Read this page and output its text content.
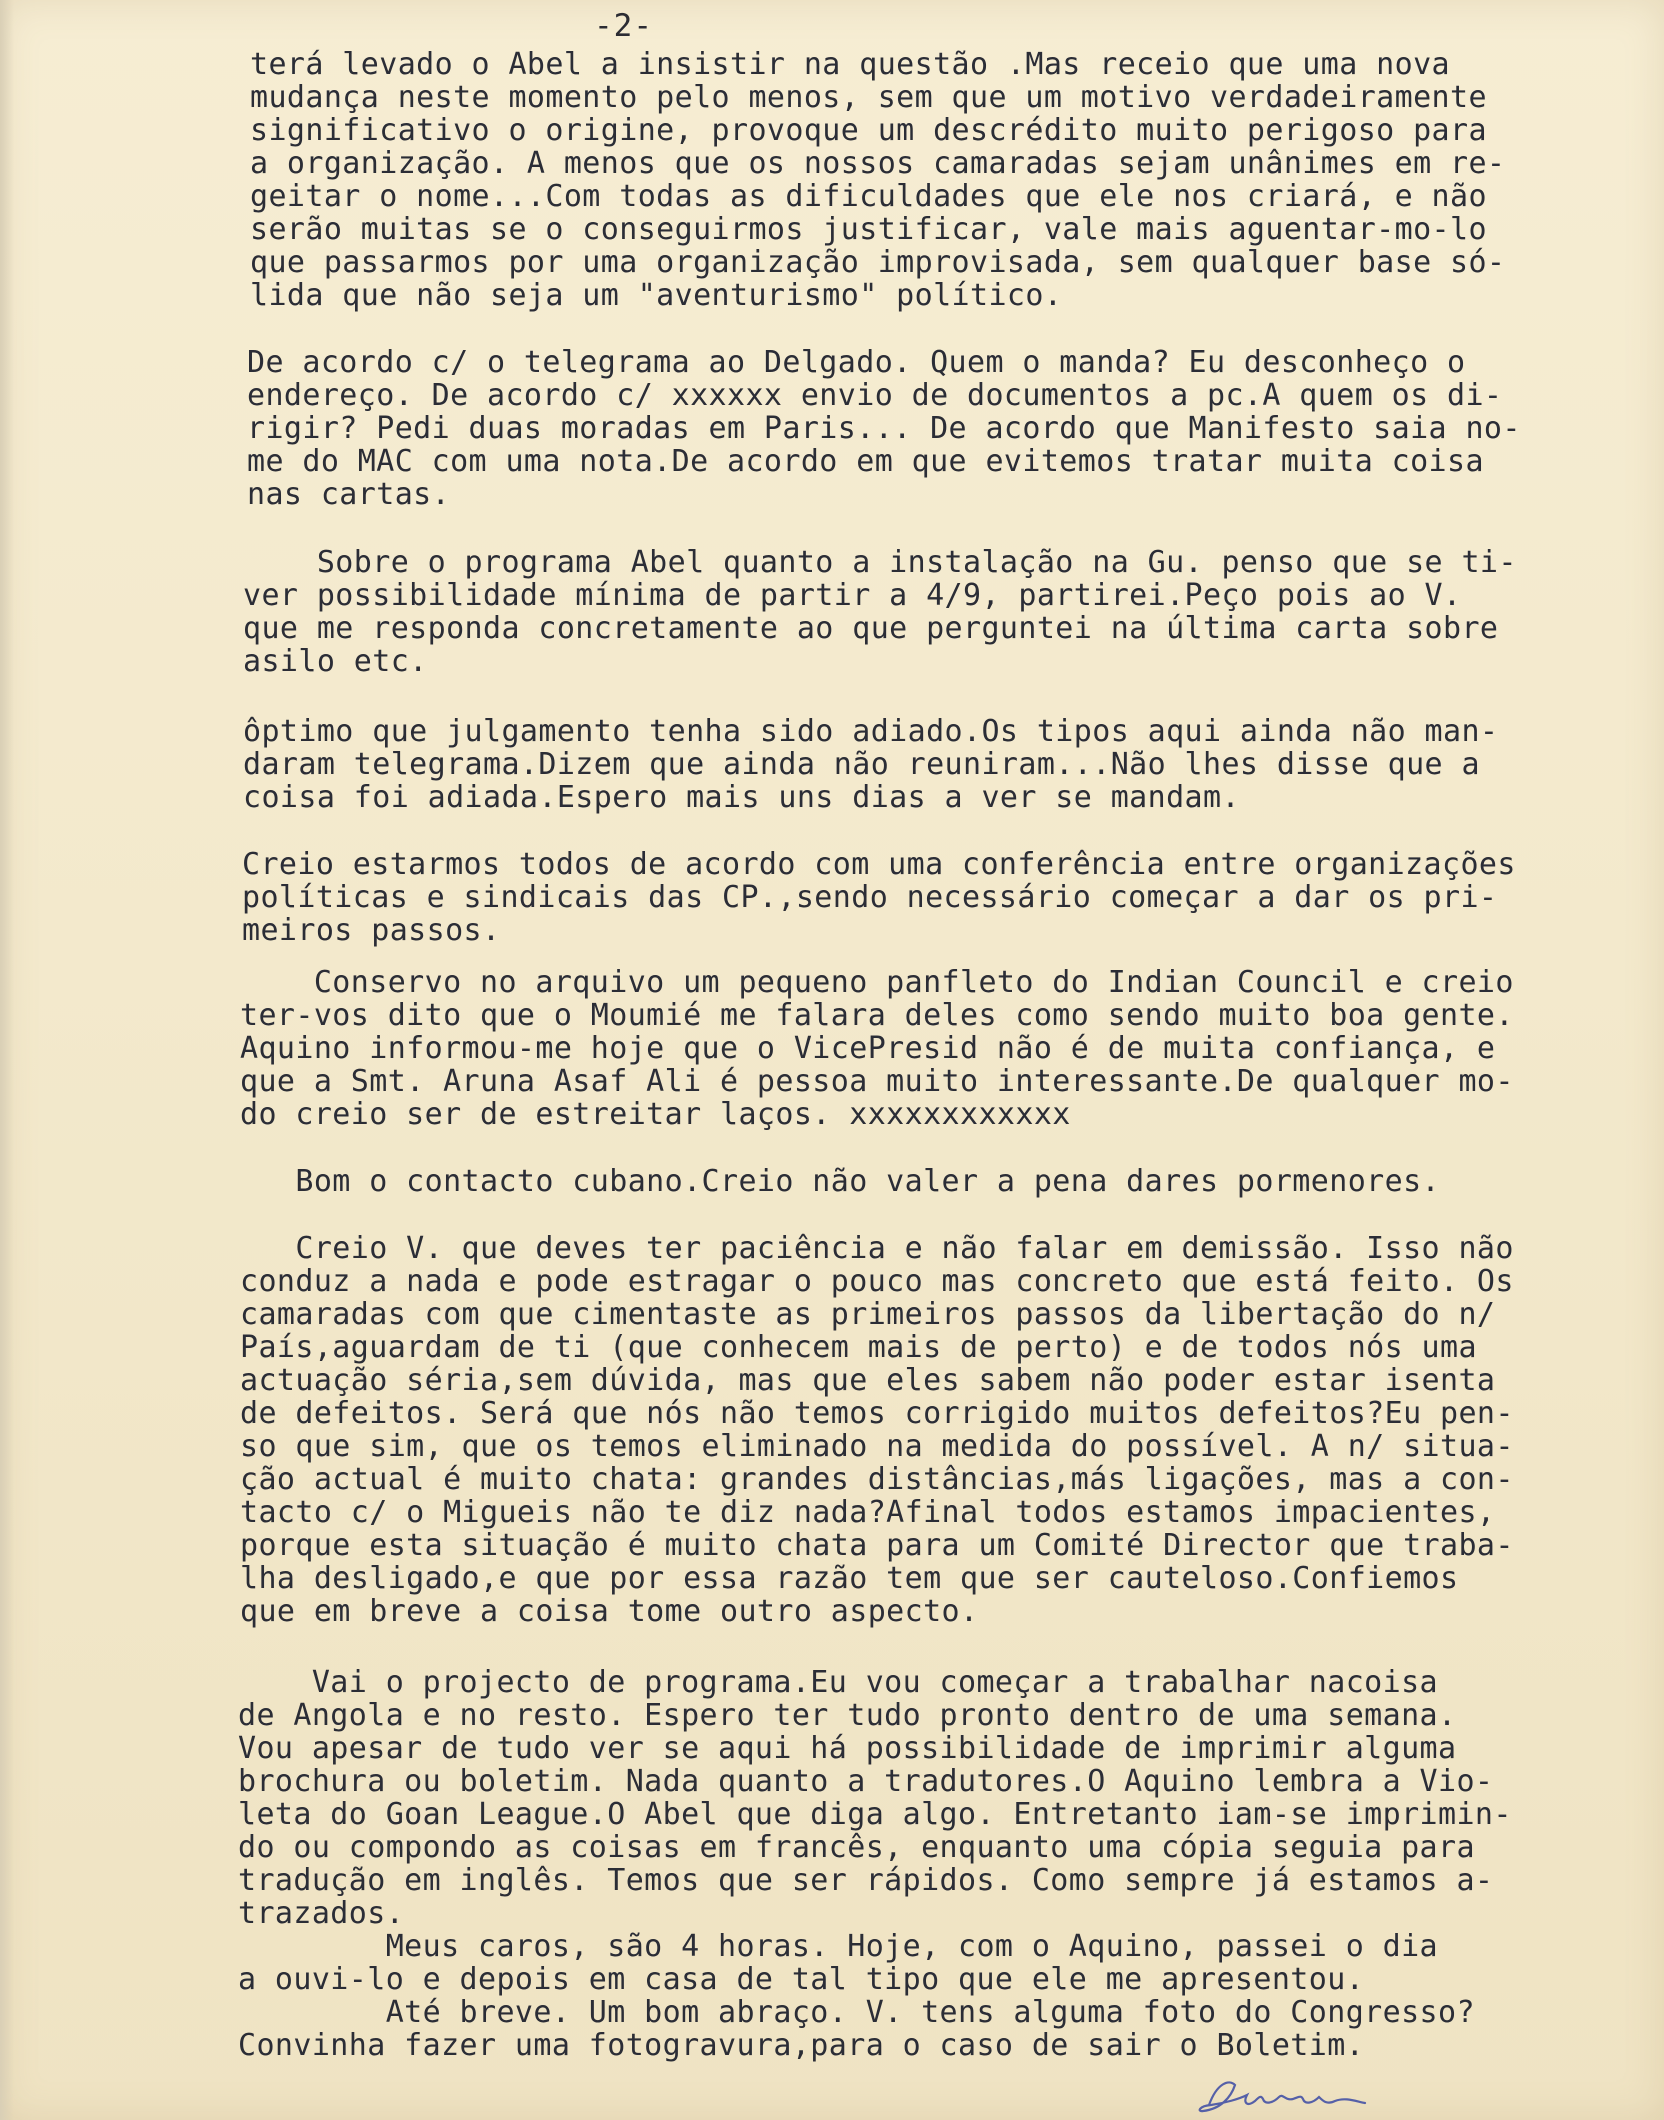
-2-
terá levado o Abel a insistir na questão .Mas receio que uma nova
mudança neste momento pelo menos, sem que um motivo verdadeiramente
significativo o origine, provoque um descrédito muito perigoso para
a organização. A menos que os nossos camaradas sejam unânimes em re-
geitar o nome...Com todas as dificuldades que ele nos criará, e não
serão muitas se o conseguirmos justificar, vale mais aguentar-mo-lo
que passarmos por uma organização improvisada, sem qualquer base só-
lida que não seja um "aventurismo" político.
De acordo c/ o telegrama ao Delgado. Quem o manda? Eu desconheço o
endereço. De acordo c/ xxxxxx envio de documentos a pc.A quem os di-
rigir? Pedi duas moradas em Paris... De acordo que Manifesto saia no-
me do MAC com uma nota.De acordo em que evitemos tratar muita coisa
nas cartas.
Sobre o programa Abel quanto a instalação na Gu. penso que se ti-
ver possibilidade mínima de partir a 4/9, partirei.Peço pois ao V.
que me responda concretamente ao que perguntei na última carta sobre
asilo etc.
ôptimo que julgamento tenha sido adiado.Os tipos aqui ainda não man-
daram telegrama.Dizem que ainda não reuniram...Não lhes disse que a
coisa foi adiada.Espero mais uns dias a ver se mandam.
Creio estarmos todos de acordo com uma conferência entre organizações
políticas e sindicais das CP.,sendo necessário começar a dar os pri-
meiros passos.
Conservo no arquivo um pequeno panfleto do Indian Council e creio
ter-vos dito que o Moumié me falara deles como sendo muito boa gente.
Aquino informou-me hoje que o VicePresid não é de muita confiança, e
que a Smt. Aruna Asaf Ali é pessoa muito interessante.De qualquer mo-
do creio ser de estreitar laços. xxxxxxxxxxxx
Bom o contacto cubano.Creio não valer a pena dares pormenores.
Creio V. que deves ter paciência e não falar em demissão. Isso não
conduz a nada e pode estragar o pouco mas concreto que está feito. Os
camaradas com que cimentaste as primeiros passos da libertação do n/
País,aguardam de ti (que conhecem mais de perto) e de todos nós uma
actuação séria,sem dúvida, mas que eles sabem não poder estar isenta
de defeitos. Será que nós não temos corrigido muitos defeitos?Eu pen-
so que sim, que os temos eliminado na medida do possível. A n/ situa-
ção actual é muito chata: grandes distâncias,más ligações, mas a con-
tacto c/ o Migueis não te diz nada?Afinal todos estamos impacientes,
porque esta situação é muito chata para um Comité Director que traba-
lha desligado,e que por essa razão tem que ser cauteloso.Confiemos
que em breve a coisa tome outro aspecto.
Vai o projecto de programa.Eu vou começar a trabalhar nacoisa
de Angola e no resto. Espero ter tudo pronto dentro de uma semana.
Vou apesar de tudo ver se aqui há possibilidade de imprimir alguma
brochura ou boletim. Nada quanto a tradutores.O Aquino lembra a Vio-
leta do Goan League.O Abel que diga algo. Entretanto iam-se imprimin-
do ou compondo as coisas em francês, enquanto uma cópia seguia para
tradução em inglês. Temos que ser rápidos. Como sempre já estamos a-
trazados.
Meus caros, são 4 horas. Hoje, com o Aquino, passei o dia
a ouvi-lo e depois em casa de tal tipo que ele me apresentou.
Até breve. Um bom abraço. V. tens alguma foto do Congresso?
Convinha fazer uma fotogravura,para o caso de sair o Boletim.
